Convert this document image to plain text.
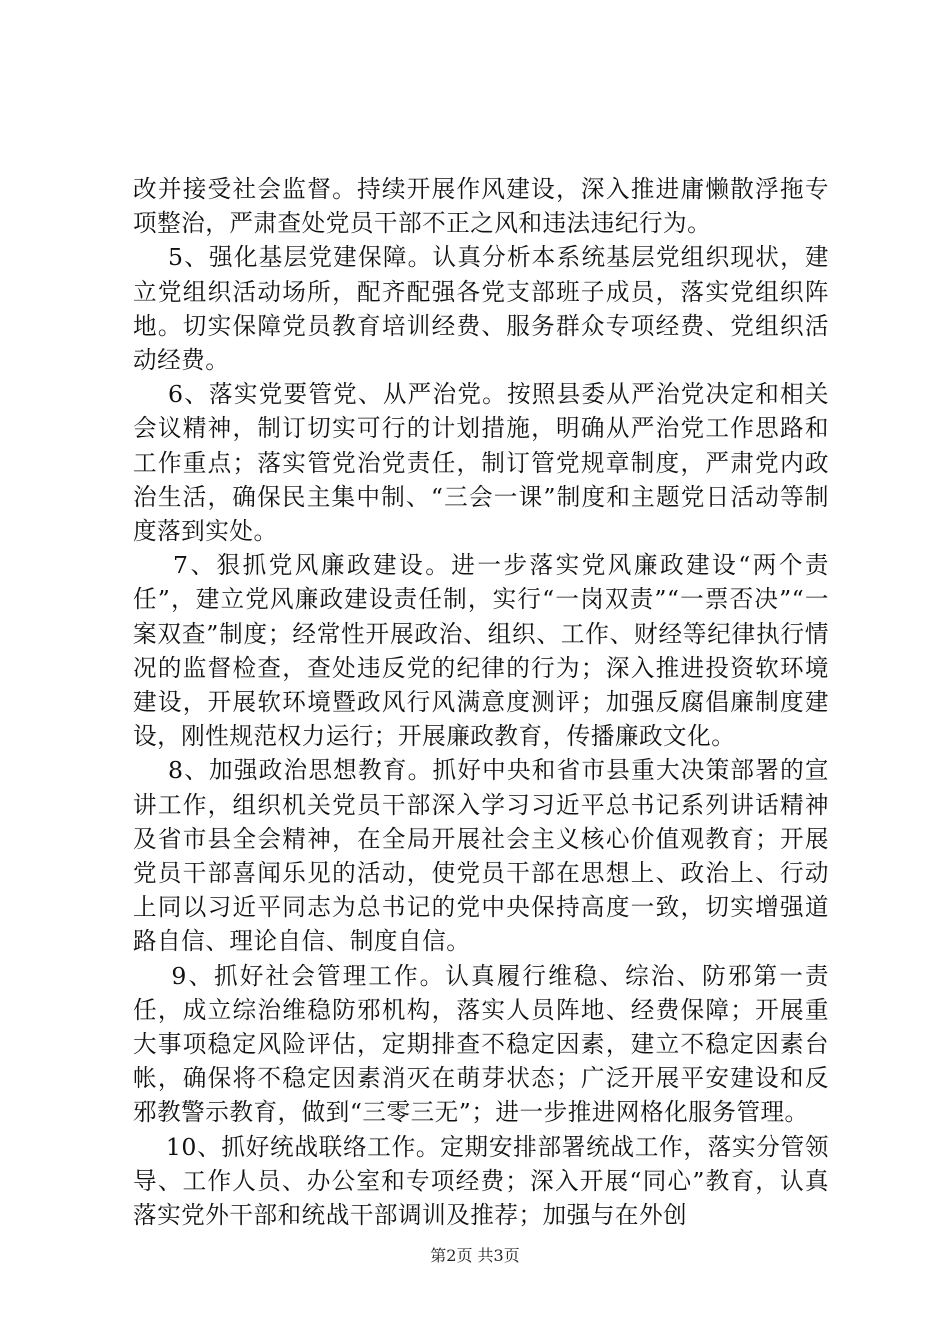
改并接受社会监督。持续开展作风建设，深入推进庸懒散浮拖专项整治，严肃查处党员干部不正之风和违法违纪行为。

5、强化基层党建保障。认真分析本系统基层党组织现状，建立党组织活动场所，配齐配强各党支部班子成员，落实党组织阵地。切实保障党员教育培训经费、服务群众专项经费、党组织活动经费。

6、落实党要管党、从严治党。按照县委从严治党决定和相关会议精神，制订切实可行的计划措施，明确从严治党工作思路和工作重点；落实管党治党责任，制订管党规章制度，严肃党内政治生活，确保民主集中制、“三会一课”制度和主题党日活动等制度落到实处。

7、狠抓党风廉政建设。进一步落实党风廉政建设“两个责任”，建立党风廉政建设责任制，实行“一岗双责”“一票否决”“一案双查”制度；经常性开展政治、组织、工作、财经等纪律执行情况的监督检查，查处违反党的纪律的行为；深入推进投资软环境建设，开展软环境暨政风行风满意度测评；加强反腐倡廉制度建设，刚性规范权力运行；开展廉政教育，传播廉政文化。

8、加强政治思想教育。抓好中央和省市县重大决策部署的宣讲工作，组织机关党员干部深入学习习近平总书记系列讲话精神及省市县全会精神，在全局开展社会主义核心价值观教育；开展党员干部喜闻乐见的活动，使党员干部在思想上、政治上、行动上同以习近平同志为总书记的党中央保持高度一致，切实增强道路自信、理论自信、制度自信。

9、抓好社会管理工作。认真履行维稳、综治、防邪第一责任，成立综治维稳防邪机构，落实人员阵地、经费保障；开展重大事项稳定风险评估，定期排查不稳定因素，建立不稳定因素台帐，确保将不稳定因素消灭在萌芽状态；广泛开展平安建设和反邪教警示教育，做到“三零三无”；进一步推进网格化服务管理。

10、抓好统战联络工作。定期安排部署统战工作，落实分管领导、工作人员、办公室和专项经费；深入开展“同心”教育，认真落实党外干部和统战干部调训及推荐；加强与在外创

第2页 共3页
